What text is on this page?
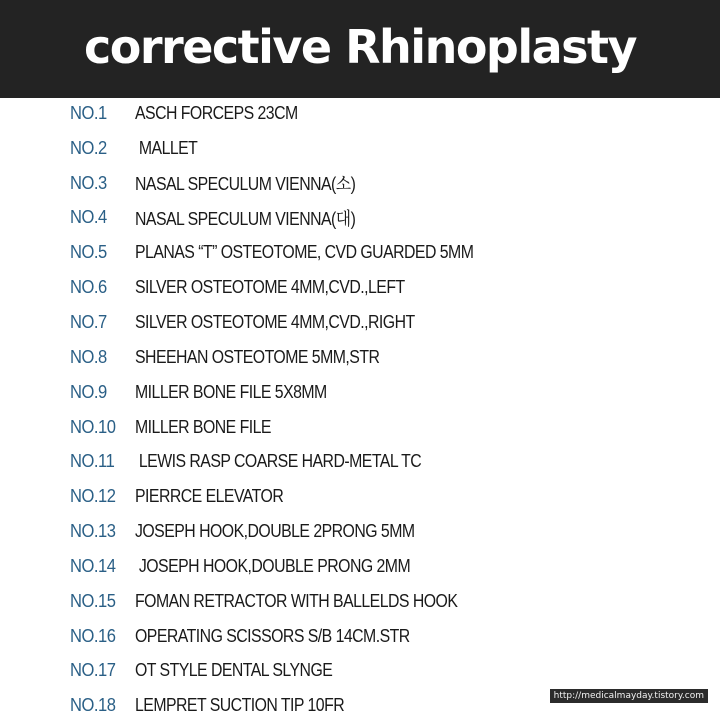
corrective Rhinoplasty
NO.1 ASCH FORCEPS 23CM
NO.2 MALLET
NO.3 NASAL SPECULUM VIENNA(소)
NO.4 NASAL SPECULUM VIENNA(대)
NO.5 PLANAS “T” OSTEOTOME, CVD GUARDED 5MM
NO.6 SILVER OSTEOTOME 4MM,CVD.,LEFT
NO.7 SILVER OSTEOTOME 4MM,CVD.,RIGHT
NO.8 SHEEHAN OSTEOTOME 5MM,STR
NO.9 MILLER BONE FILE 5X8MM
NO.10 MILLER BONE FILE
NO.11 LEWIS RASP COARSE HARD-METAL TC
NO.12 PIERRCE ELEVATOR
NO.13 JOSEPH HOOK,DOUBLE 2PRONG 5MM
NO.14 JOSEPH HOOK,DOUBLE PRONG 2MM
NO.15 FOMAN RETRACTOR WITH BALLELDS HOOK
NO.16 OPERATING SCISSORS S/B 14CM.STR
NO.17 OT STYLE DENTAL SLYNGE
NO.18 LEMPRET SUCTION TIP 10FR	http://medicalmayday.tistory.com
